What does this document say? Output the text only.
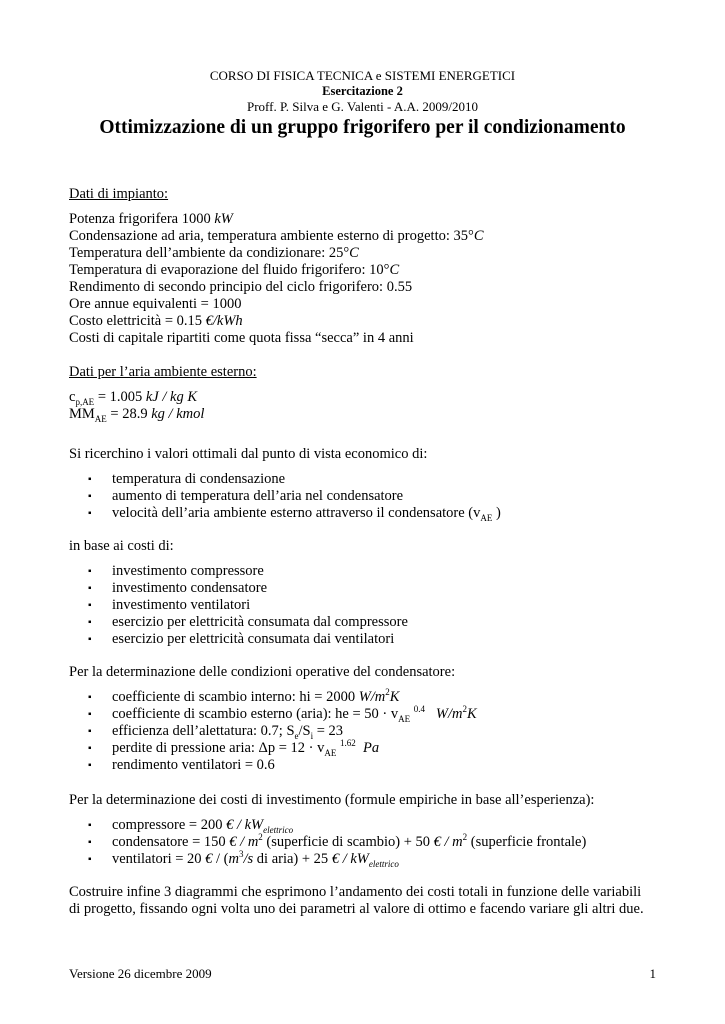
CORSO DI FISICA TECNICA e SISTEMI ENERGETICI
Esercitazione 2
Proff. P. Silva e G. Valenti - A.A. 2009/2010
Ottimizzazione di un gruppo frigorifero per il condizionamento
Dati di impianto:
Potenza frigorifera 1000 kW
Condensazione ad aria, temperatura ambiente esterno di progetto: 35°C
Temperatura dell’ambiente da condizionare: 25°C
Temperatura di evaporazione del fluido frigorifero: 10°C
Rendimento di secondo principio del ciclo frigorifero: 0.55
Ore annue equivalenti = 1000
Costo elettricità = 0.15 €/kWh
Costi di capitale ripartiti come quota fissa “secca” in 4 anni
Dati per l’aria ambiente esterno:
$c_{p,AE} = 1.005$ kJ / kg K
$MM_{AE} = 28.9$ kg / kmol
Si ricerchino i valori ottimali dal punto di vista economico di:
▪ temperatura di condensazione
▪ aumento di temperatura dell’aria nel condensatore
▪ velocità dell’aria ambiente esterno attraverso il condensatore ($v_{AE}$ )
in base ai costi di:
▪ investimento compressore
▪ investimento condensatore
▪ investimento ventilatori
▪ esercizio per elettricità consumata dal compressore
▪ esercizio per elettricità consumata dai ventilatori
Per la determinazione delle condizioni operative del condensatore:
▪ coefficiente di scambio interno: hi = 2000 $W/m^2K$
▪ coefficiente di scambio esterno (aria): he = $50 \cdot v_{AE}$ $^{0.4}$ $W/m^2K$
▪ efficienza dell’alettatura: 0.7; $S_e/S_i = 23$
▪ perdite di pressione aria: $\Delta p = 12 \cdot v_{AE}$ $^{1.62}$ Pa
▪ rendimento ventilatori = 0.6
Per la determinazione dei costi di investimento (formule empiriche in base all’esperienza):
▪ compressore = 200 € / $kW_{elettrico}$
▪ condensatore = 150 € / $m^2$ (superficie di scambio) + 50 € / $m^2$ (superficie frontale)
▪ ventilatori = 20 € / ($m^3/s$ di aria) + 25 € / $kW_{elettrico}$
Costruire infine 3 diagrammi che esprimono l’andamento dei costi totali in funzione delle variabili
di progetto, fissando ogni volta uno dei parametri al valore di ottimo e facendo variare gli altri due.
Versione 26 dicembre 2009	1
